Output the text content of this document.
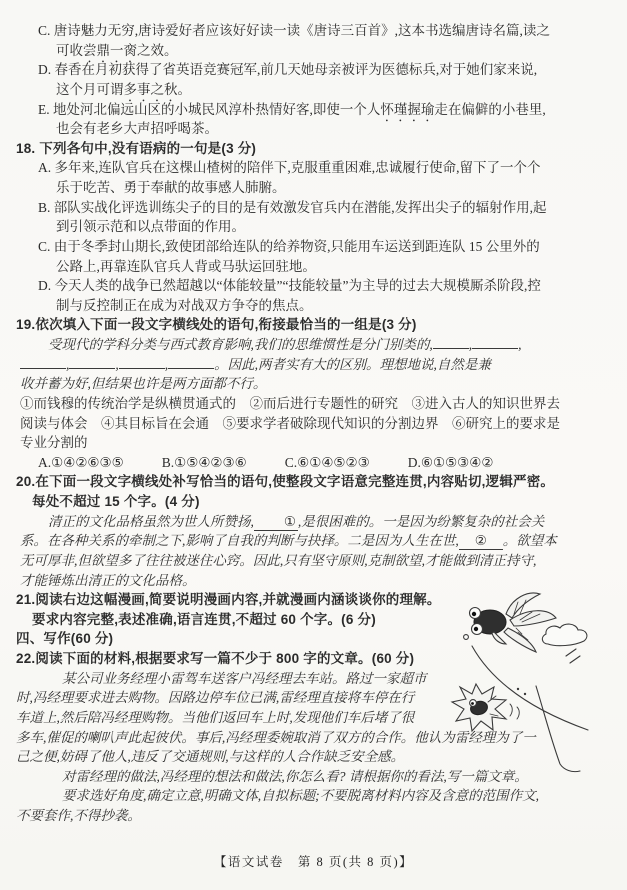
C. 唐诗魅力无穷,唐诗爱好者应该好好读一读《唐诗三百首》,这本书选编唐诗名篇,读之
可收尝鼎一脔之效。
D. 春香在月初获得了省英语竞赛冠军,前几天她母亲被评为医德标兵,对于她们家来说,
这个月可谓多事之秋。
E. 地处河北偏远山区的小城民风淳朴热情好客,即使一个人怀瑾握瑜走在偏僻的小巷里,
也会有老乡大声招呼喝茶。
18. 下列各句中,没有语病的一句是(3 分)
A. 多年来,连队官兵在这棵山楂树的陪伴下,克服重重困难,忠诚履行使命,留下了一个个
乐于吃苦、勇于奉献的故事感人肺腑。
B. 部队实战化评选训练尖子的目的是有效激发官兵内在潜能,发挥出尖子的辐射作用,起
到引领示范和以点带面的作用。
C. 由于冬季封山期长,致使团部给连队的给养物资,只能用车运送到距连队 15 公里外的
公路上,再靠连队官兵人背或马驮运回驻地。
D. 今天人类的战争已然超越以“体能较量”“技能较量”为主导的过去大规模厮杀阶段,控
制与反控制正在成为对战双方争夺的焦点。
19.依次填入下面一段文字横线处的语句,衔接最恰当的一组是(3 分)
受现代的学科分类与西式教育影响,我们的思维惯性是分门别类的,	,	,
,	,	,	。因此,两者实有大的区别。理想地说,自然是兼
收并蓄为好,但结果也许是两方面都不行。
①而钱穆的传统治学是纵横贯通式的　②而后进行专题性的研究　③进入古人的知识世界去
阅读与体会　④其目标旨在会通　⑤要求学者破除现代知识的分割边界　⑥研究上的要求是
专业分割的
A.①④②⑥③⑤	B.①⑤④②③⑥	C.⑥①④⑤②③	D.⑥①⑤③④②
20.在下面一段文字横线处补写恰当的语句,使整段文字语意完整连贯,内容贴切,逻辑严密。
每处不超过 15 个字。(4 分)
清正的文化品格虽然为世人所赞扬, ① ,是很困难的。一是因为纷繁复杂的社会关
系。在各种关系的牵制之下,影响了自我的判断与抉择。二是因为人生在世, ② 。欲望本
无可厚非,但欲望多了往往被迷住心窍。因此,只有坚守原则,克制欲望,才能做到清正持守,
才能锤炼出清正的文化品格。
21.阅读右边这幅漫画,简要说明漫画内容,并就漫画内涵谈谈你的理解。
要求内容完整,表述准确,语言连贯,不超过 60 个字。(6 分)
四、写作(60 分)
22.阅读下面的材料,根据要求写一篇不少于 800 字的文章。(60 分)
某公司业务经理小雷驾车送客户冯经理去车站。路过一家超市
时,冯经理要求进去购物。因路边停车位已满,雷经理直接将车停在行
车道上,然后陪冯经理购物。当他们返回车上时,发现他们车后堵了很
多车,催促的喇叭声此起彼伏。事后,冯经理委婉取消了双方的合作。他认为雷经理为了一
己之便,妨碍了他人,违反了交通规则,与这样的人合作缺乏安全感。
对雷经理的做法,冯经理的想法和做法,你怎么看? 请根据你的看法,写一篇文章。
要求选好角度,确定立意,明确文体,自拟标题;不要脱离材料内容及含意的范围作文,
不要套作,不得抄袭。
【语文试卷　第 8 页(共 8 页)】
